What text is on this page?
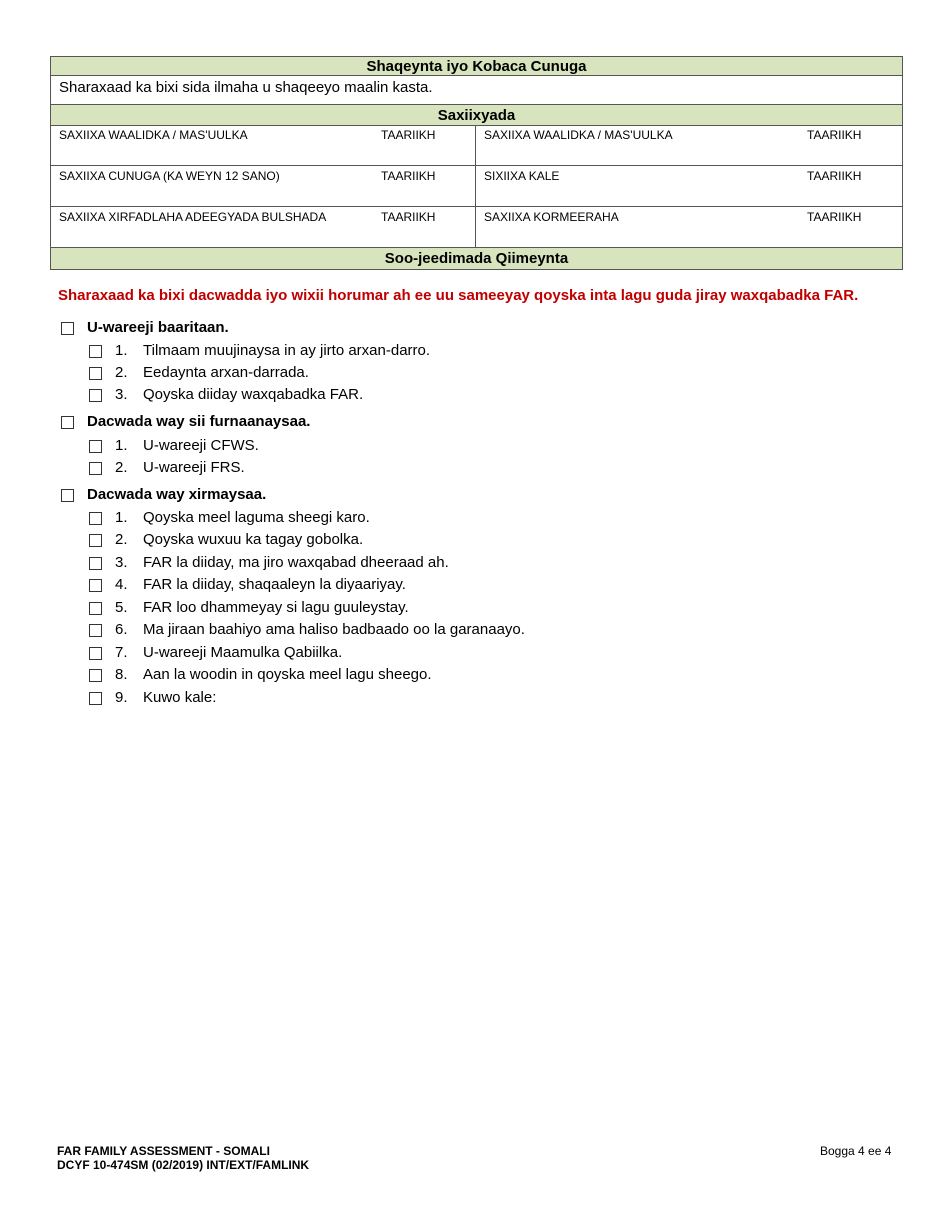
Shaqeynta iyo Kobaca Cunuga
Sharaxaad ka bixi sida ilmaha u shaqeeyo maalin kasta.
Saxiixyada
SAXIIXA WAALIDKA / MAS'UULKA	TAARIIKH	SAXIIXA WAALIDKA / MAS'UULKA	TAARIIKH
SAXIIXA CUNUGA (KA WEYN 12 SANO)	TAARIIKH	SIXIIXA KALE	TAARIIKH
SAXIIXA XIRFADLAHA ADEEGYADA BULSHADA	TAARIIKH	SAXIIXA KORMEERAHA	TAARIIKH
Soo-jeedimada Qiimeynta
Sharaxaad ka bixi dacwadda iyo wixii horumar ah ee uu sameeyay qoyska inta lagu guda jiray waxqabadka FAR.
U-wareeji baaritaan.
1. Tilmaam muujinaysa in ay jirto arxan-darro.
2. Eedaynta arxan-darrada.
3. Qoyska diiday waxqabadka FAR.
Dacwada way sii furnaanaysaa.
1. U-wareeji CFWS.
2. U-wareeji FRS.
Dacwada way xirmaysaa.
1. Qoyska meel laguma sheegi karo.
2. Qoyska wuxuu ka tagay gobolka.
3. FAR la diiday, ma jiro waxqabad dheeraad ah.
4. FAR la diiday, shaqaaleyn la diyaariyay.
5. FAR loo dhammeyay si lagu guuleystay.
6. Ma jiraan baahiyo ama haliso badbaado oo la garanaayo.
7. U-wareeji Maamulka Qabiilka.
8. Aan la woodin in qoyska meel lagu sheego.
9. Kuwo kale:
FAR FAMILY ASSESSMENT - SOMALI
DCYF 10-474SM (02/2019) INT/EXT/FAMLINK
Bogga 4 ee 4
